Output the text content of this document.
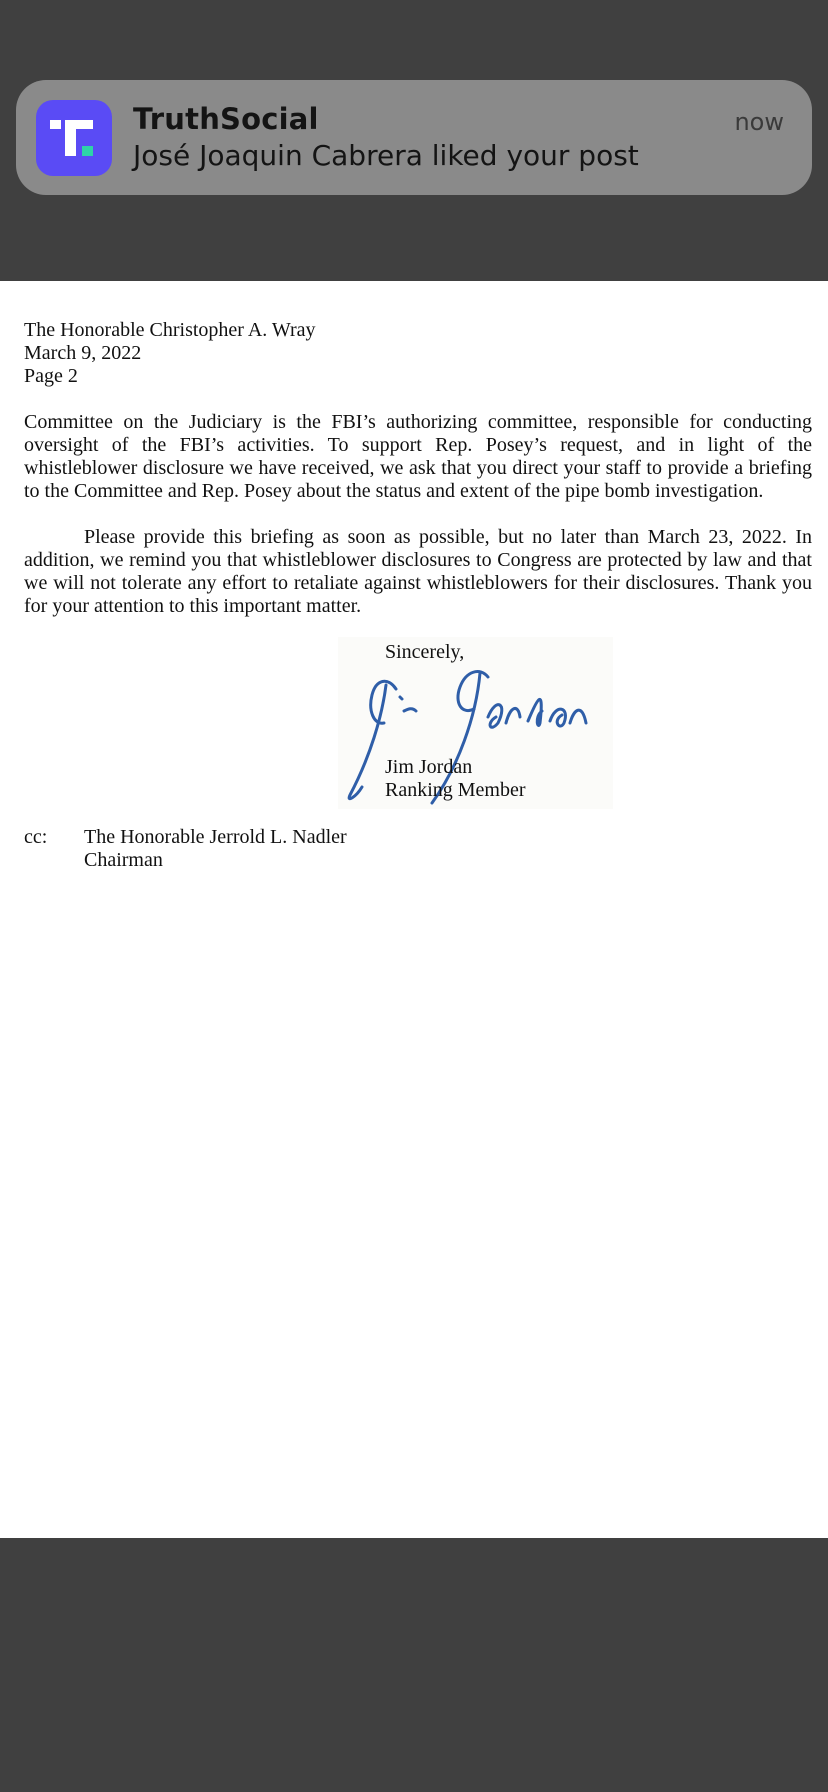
TruthSocial
José Joaquin Cabrera liked your post
now
The Honorable Christopher A. Wray
March 9, 2022
Page 2
Committee on the Judiciary is the FBI’s authorizing committee, responsible for conducting oversight of the FBI’s activities. To support Rep. Posey’s request, and in light of the whistleblower disclosure we have received, we ask that you direct your staff to provide a briefing to the Committee and Rep. Posey about the status and extent of the pipe bomb investigation.
Please provide this briefing as soon as possible, but no later than March 23, 2022. In addition, we remind you that whistleblower disclosures to Congress are protected by law and that we will not tolerate any effort to retaliate against whistleblowers for their disclosures. Thank you for your attention to this important matter.
Sincerely,
Jim Jordan
Ranking Member
cc: The Honorable Jerrold L. Nadler
Chairman
